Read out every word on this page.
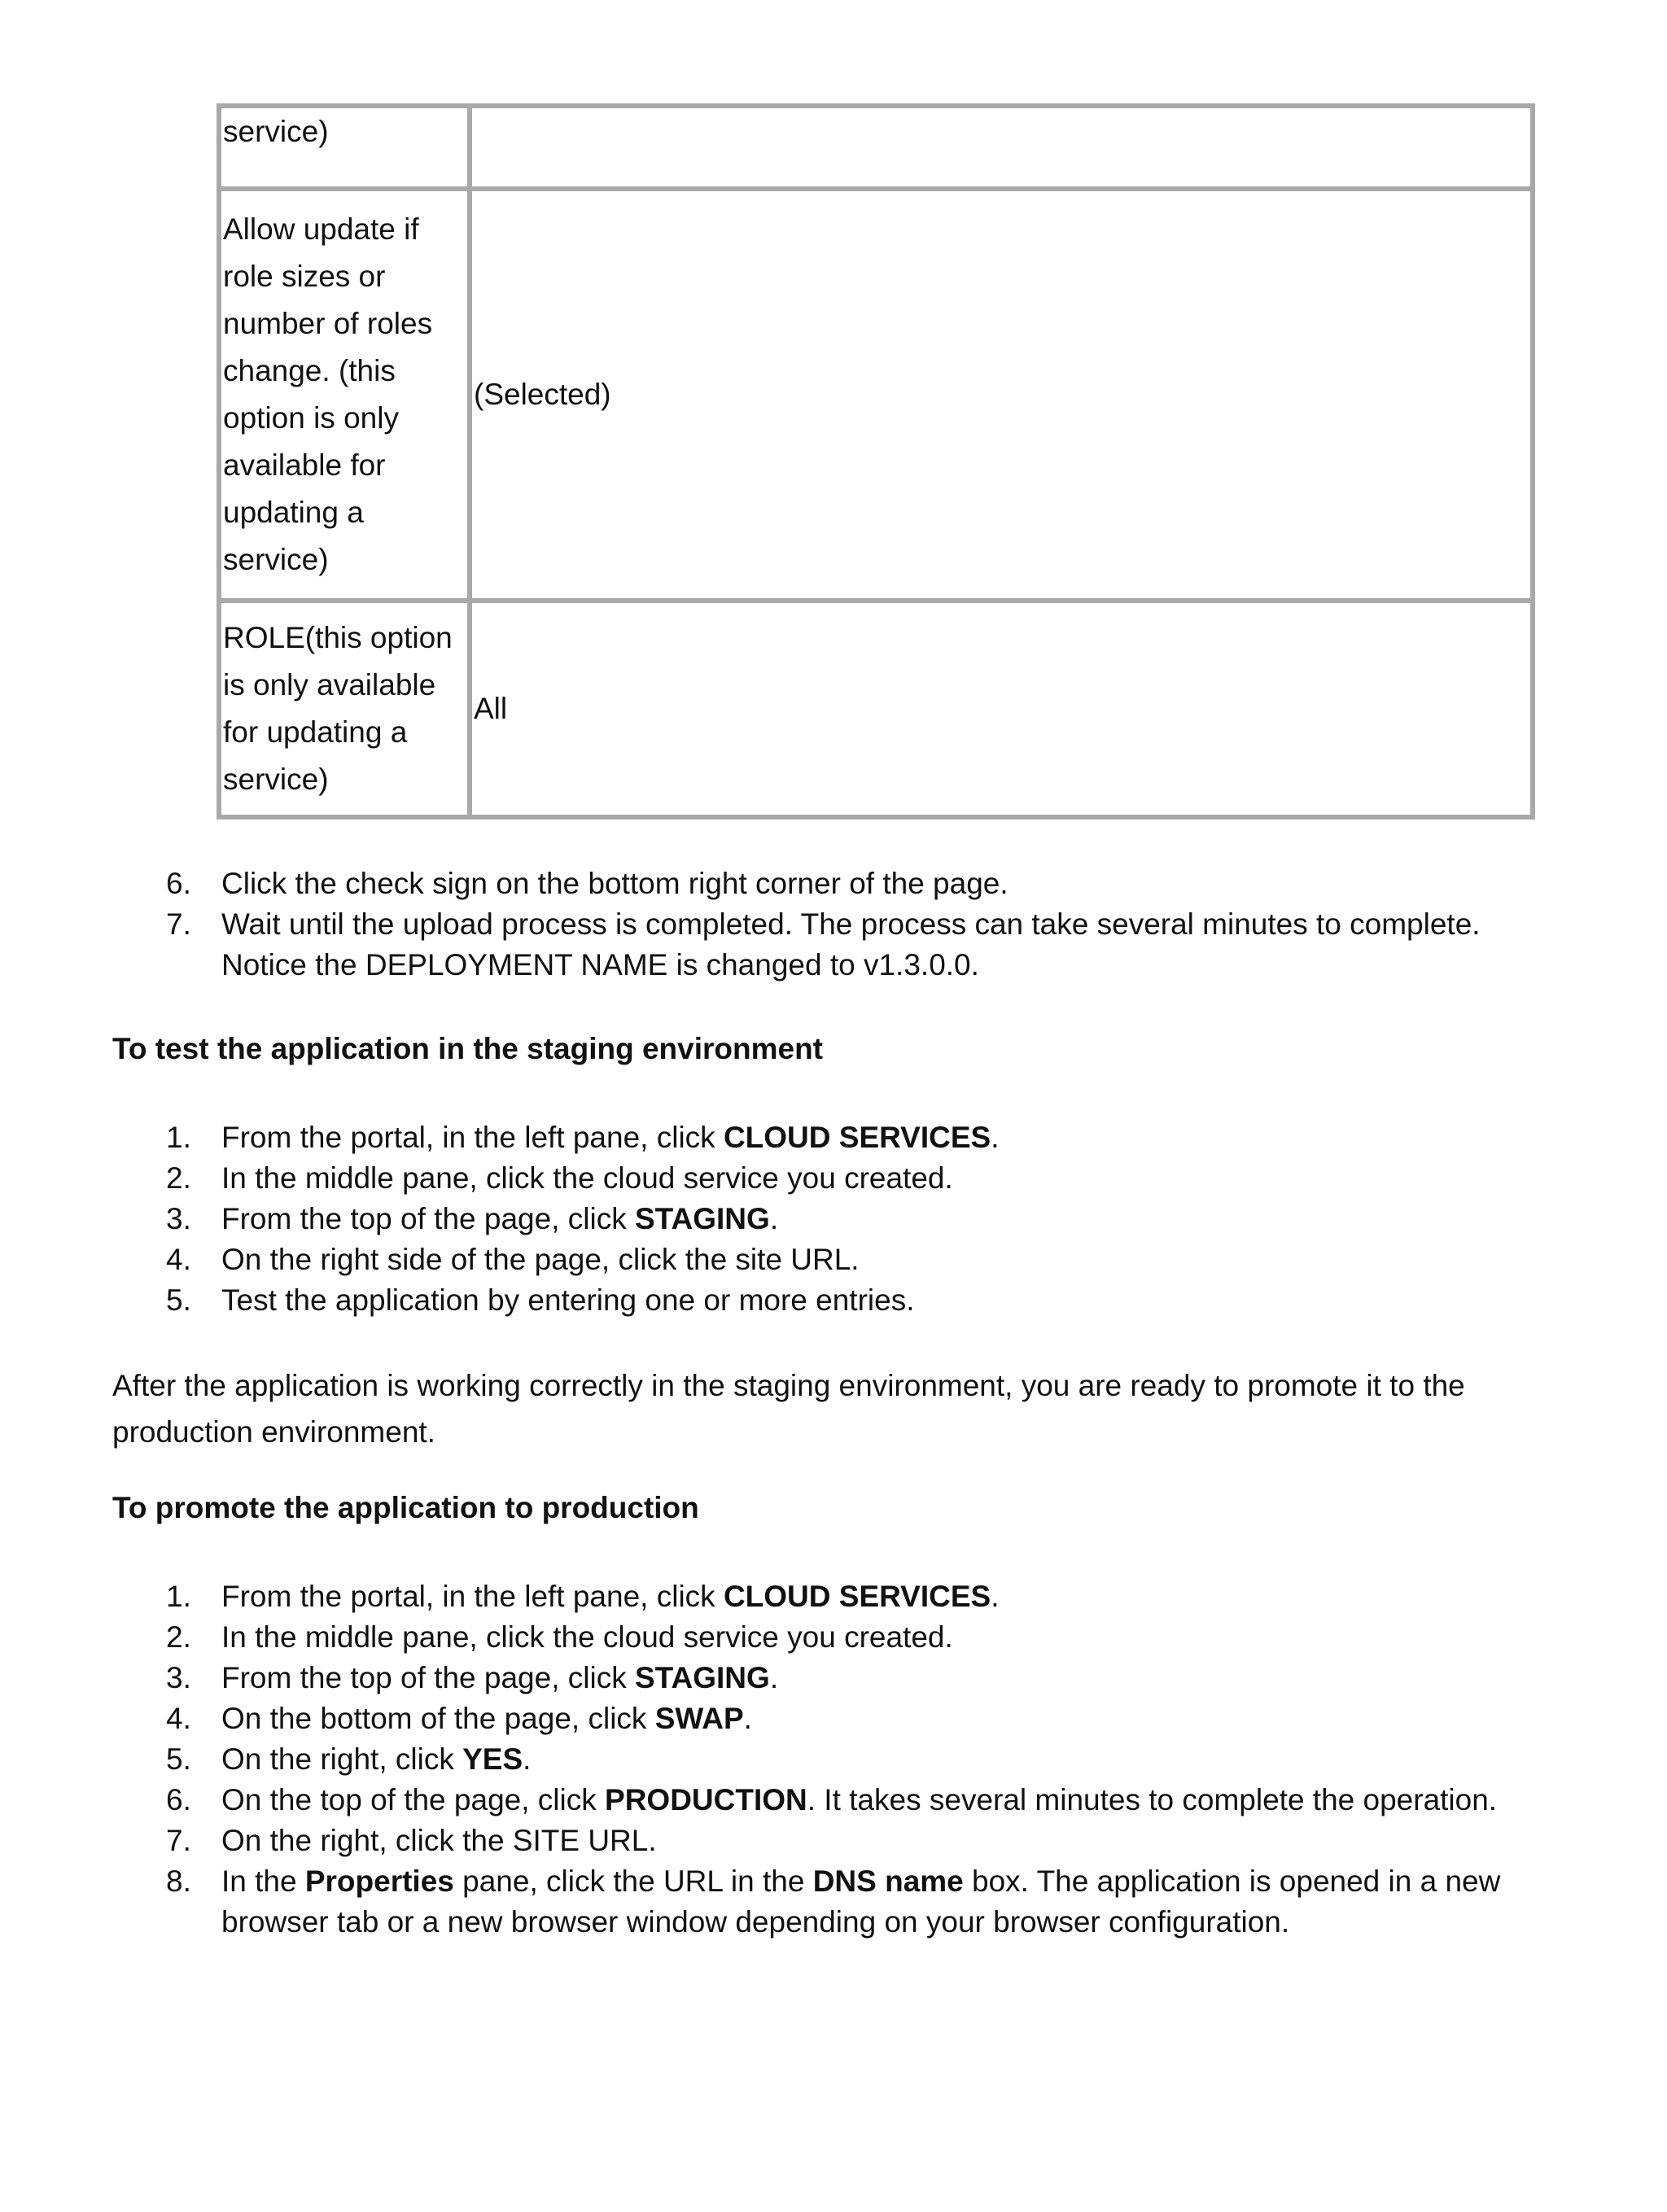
service)	
Allow update if role sizes or number of roles change. (this option is only available for updating a service)	(Selected)
ROLE(this option is only available for updating a service)	All
6. Click the check sign on the bottom right corner of the page.
7. Wait until the upload process is completed. The process can take several minutes to complete. Notice the DEPLOYMENT NAME is changed to v1.3.0.0.
To test the application in the staging environment
1. From the portal, in the left pane, click CLOUD SERVICES.
2. In the middle pane, click the cloud service you created.
3. From the top of the page, click STAGING.
4. On the right side of the page, click the site URL.
5. Test the application by entering one or more entries.
After the application is working correctly in the staging environment, you are ready to promote it to the production environment.
To promote the application to production
1. From the portal, in the left pane, click CLOUD SERVICES.
2. In the middle pane, click the cloud service you created.
3. From the top of the page, click STAGING.
4. On the bottom of the page, click SWAP.
5. On the right, click YES.
6. On the top of the page, click PRODUCTION. It takes several minutes to complete the operation.
7. On the right, click the SITE URL.
8. In the Properties pane, click the URL in the DNS name box. The application is opened in a new browser tab or a new browser window depending on your browser configuration.
